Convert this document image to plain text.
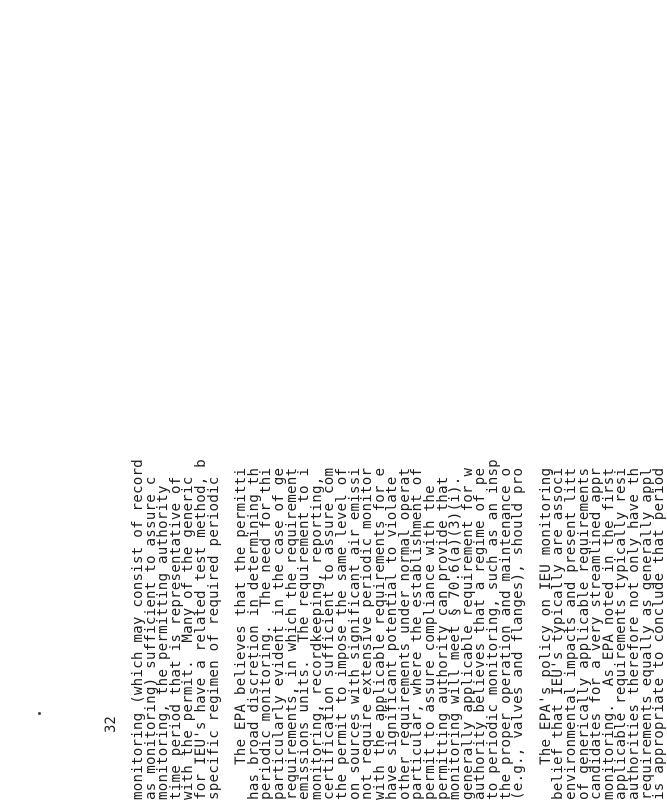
monitoring (which may consist of record
as monitoring) sufficient to assure c
monitoring, the permitting authority
time period that is representative of
with the permit.  Many of the generic
for IEU's have a related test method, b
specific regimen of required periodic The EPA believes that the permitti
has broad discretion in determining th
periodic monitoring.  The need for thi
particularly evident in the case of ge
requirements, in which the requirement
emissions units.  The requirement to i
monitoring, recordkeeping, reporting,
certification sufficient to assure com
the permit to impose the same level of
on sources with significant air emissi
not require extensive periodic monitor
with the applicable requirements for e
have significant potential to violate
other requirements under normal operat
particular, where the establishment of
permit to assure compliance with the
permitting authority can provide that
monitoring will meet § 70.6(a)(3)(i).
generally applicable requirement for w
authority believes that a regime of pe
to periodic monitoring, such as an insp
the proper operation and maintenance o
(e.g., valves and flanges), should pro The EPA's policy on IEU monitoring
belief that IEU's typically are associ
environmental impacts and present litt
of generically applicable requirements
candidates for a very streamlined appr
monitoring.  As EPA noted in the first
applicable requirements typically resi
authorities therefore not only have th
requirements equally as generally appl
is appropriate to conclude that period
32
